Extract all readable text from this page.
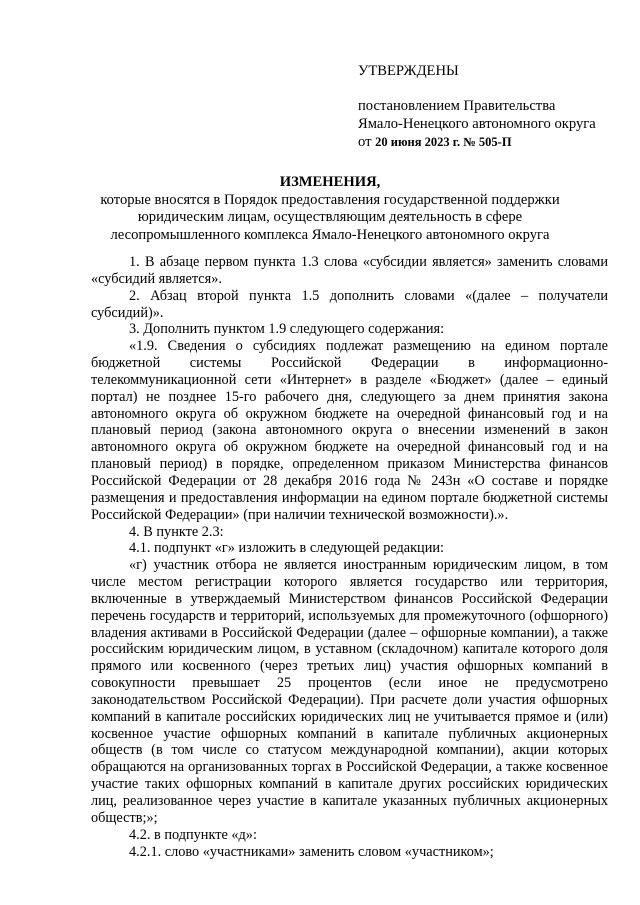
УТВЕРЖДЕНЫ
постановлением Правительства
Ямало-Ненецкого автономного округа
от 20 июня 2023 г. № 505-П
ИЗМЕНЕНИЯ,
которые вносятся в Порядок предоставления государственной поддержки
юридическим лицам, осуществляющим деятельность в сфере
лесопромышленного комплекса Ямало-Ненецкого автономного округа

1. В абзаце первом пункта 1.3 слова «субсидии является» заменить словами «субсидий является».

2. Абзац второй пункта 1.5 дополнить словами «(далее – получатели субсидий)».

3. Дополнить пунктом 1.9 следующего содержания:

«1.9. Сведения о субсидиях подлежат размещению на едином портале бюджетной системы Российской Федерации в информационно-телекоммуникационной сети «Интернет» в разделе «Бюджет» (далее – единый портал) не позднее 15-го рабочего дня, следующего за днем принятия закона автономного округа об окружном бюджете на очередной финансовый год и на плановый период (закона автономного округа о внесении изменений в закон автономного округа об окружном бюджете на очередной финансовый год и на плановый период) в порядке, определенном приказом Министерства финансов Российской Федерации от 28 декабря 2016 года № 243н «О составе и порядке размещения и предоставления информации на едином портале бюджетной системы Российской Федерации» (при наличии технической возможности).».

4. В пункте 2.3:

4.1. подпункт «г» изложить в следующей редакции:

«г) участник отбора не является иностранным юридическим лицом, в том числе местом регистрации которого является государство или территория, включенные в утверждаемый Министерством финансов Российской Федерации перечень государств и территорий, используемых для промежуточного (офшорного) владения активами в Российской Федерации (далее – офшорные компании), а также российским юридическим лицом, в уставном (складочном) капитале которого доля прямого или косвенного (через третьих лиц) участия офшорных компаний в совокупности превышает 25 процентов (если иное не предусмотрено законодательством Российской Федерации). При расчете доли участия офшорных компаний в капитале российских юридических лиц не учитывается прямое и (или) косвенное участие офшорных компаний в капитале публичных акционерных обществ (в том числе со статусом международной компании), акции которых обращаются на организованных торгах в Российской Федерации, а также косвенное участие таких офшорных компаний в капитале других российских юридических лиц, реализованное через участие в капитале указанных публичных акционерных обществ;»;

4.2. в подпункте «д»:

4.2.1. слово «участниками» заменить словом «участником»;
